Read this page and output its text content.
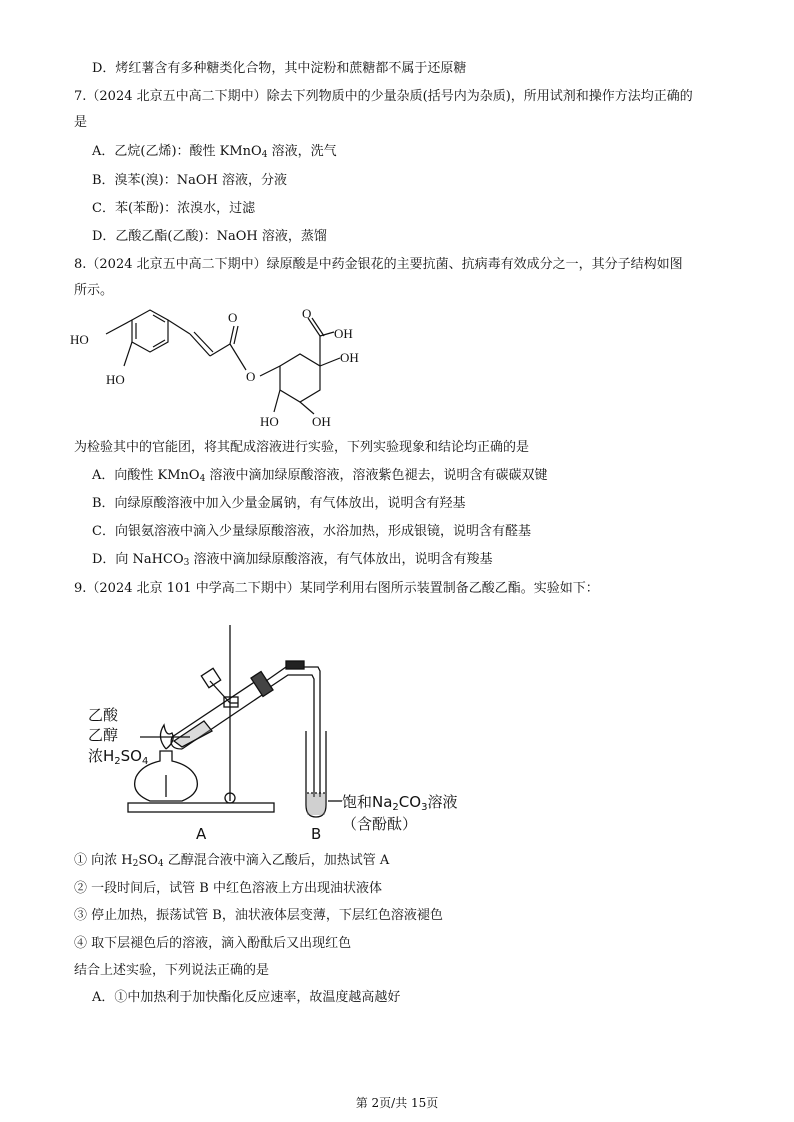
D．烤红薯含有多种糖类化合物，其中淀粉和蔗糖都不属于还原糖
7.（2024 北京五中高二下期中）除去下列物质中的少量杂质(括号内为杂质)，所用试剂和操作方法均正确的
是
A．乙烷(乙烯)：酸性 KMnO$_4$ 溶液，洗气
B．溴苯(溴)：NaOH 溶液，分液
C．苯(苯酚)：浓溴水，过滤
D．乙酸乙酯(乙酸)：NaOH 溶液，蒸馏
8.（2024 北京五中高二下期中）绿原酸是中药金银花的主要抗菌、抗病毒有效成分之一，其分子结构如图
所示。
HO
HO
O
O
O
OH
OH
HO	OH
为检验其中的官能团，将其配成溶液进行实验，下列实验现象和结论均正确的是
A．向酸性 KMnO$_4$ 溶液中滴加绿原酸溶液，溶液紫色褪去，说明含有碳碳双键
B．向绿原酸溶液中加入少量金属钠，有气体放出，说明含有羟基
C．向银氨溶液中滴入少量绿原酸溶液，水浴加热，形成银镜，说明含有醛基
D．向 NaHCO$_3$ 溶液中滴加绿原酸溶液，有气体放出，说明含有羧基
9.（2024 北京 101 中学高二下期中）某同学利用右图所示装置制备乙酸乙酯。实验如下：
乙酸
乙醇
浓$H_2SO_4$
饱和$Na_2CO_3$溶液
（含酚酞）
A	B
① 向浓 $H_2SO_4$ 乙醇混合液中滴入乙酸后，加热试管 A
② 一段时间后，试管 B 中红色溶液上方出现油状液体
③ 停止加热，振荡试管 B，油状液体层变薄，下层红色溶液褪色
④ 取下层褪色后的溶液，滴入酚酞后又出现红色
结合上述实验，下列说法正确的是
A．①中加热利于加快酯化反应速率，故温度越高越好
第 2页/共 15页
